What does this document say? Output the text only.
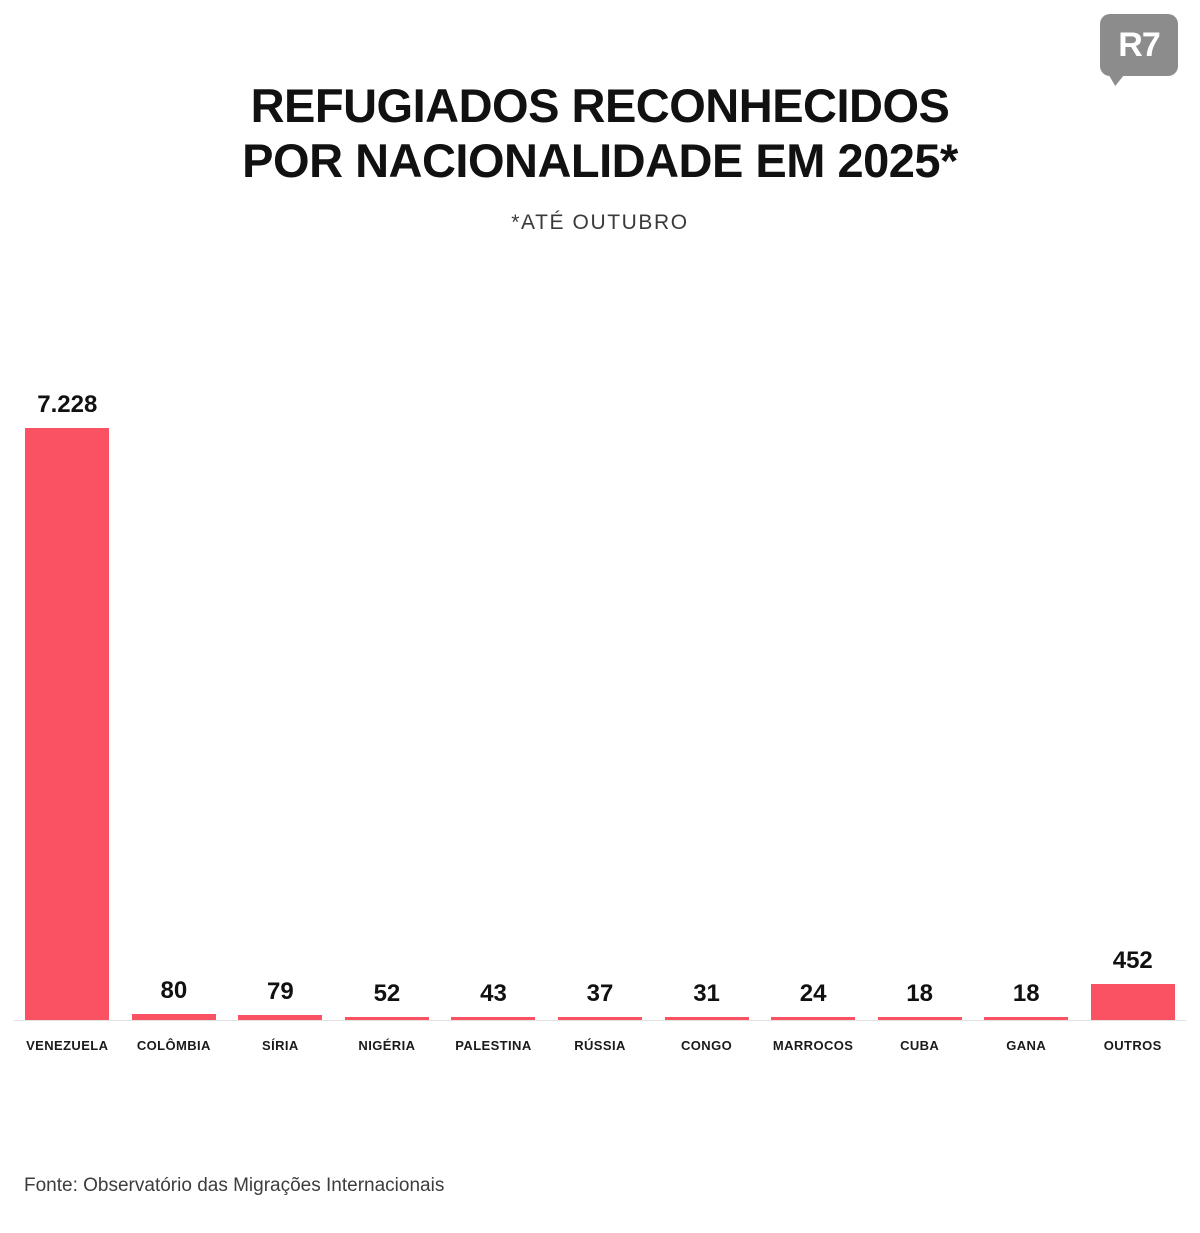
R7
REFUGIADOS RECONHECIDOS
POR NACIONALIDADE EM 2025*
*ATÉ OUTUBRO
7.228
80	79	52	43	37	31	24	18	18
452
VENEZUELA	COLÔMBIA	SÍRIA	NIGÉRIA	PALESTINA	RÚSSIA	CONGO	MARROCOS	CUBA	GANA	OUTROS
Fonte: Observatório das Migrações Internacionais
